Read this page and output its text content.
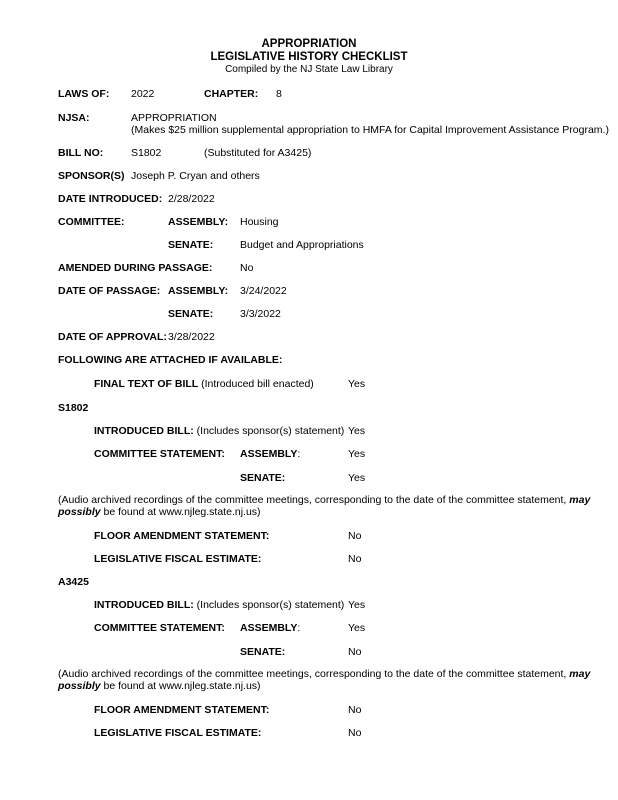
APPROPRIATION
LEGISLATIVE HISTORY CHECKLIST
Compiled by the NJ State Law Library
LAWS OF: 2022	CHAPTER: 8
NJSA:	APPROPRIATION
(Makes $25 million supplemental appropriation to HMFA for Capital Improvement Assistance Program.)
BILL NO:	S1802	(Substituted for A3425)
SPONSOR(S) Joseph P. Cryan and others
DATE INTRODUCED: 2/28/2022
COMMITTEE:	ASSEMBLY: Housing
SENATE:	Budget and Appropriations
AMENDED DURING PASSAGE:	No
DATE OF PASSAGE: ASSEMBLY: 3/24/2022
SENATE:	3/3/2022
DATE OF APPROVAL: 3/28/2022
FOLLOWING ARE ATTACHED IF AVAILABLE:
FINAL TEXT OF BILL (Introduced bill enacted)	Yes
S1802
INTRODUCED BILL: (Includes sponsor(s) statement) Yes
COMMITTEE STATEMENT: ASSEMBLY:	Yes
SENATE:	Yes
(Audio archived recordings of the committee meetings, corresponding to the date of the committee statement, may possibly be found at www.njleg.state.nj.us)
FLOOR AMENDMENT STATEMENT:	No
LEGISLATIVE FISCAL ESTIMATE:	No
A3425
INTRODUCED BILL: (Includes sponsor(s) statement) Yes
COMMITTEE STATEMENT: ASSEMBLY:	Yes
SENATE:	No
(Audio archived recordings of the committee meetings, corresponding to the date of the committee statement, may possibly be found at www.njleg.state.nj.us)
FLOOR AMENDMENT STATEMENT:	No
LEGISLATIVE FISCAL ESTIMATE:	No
